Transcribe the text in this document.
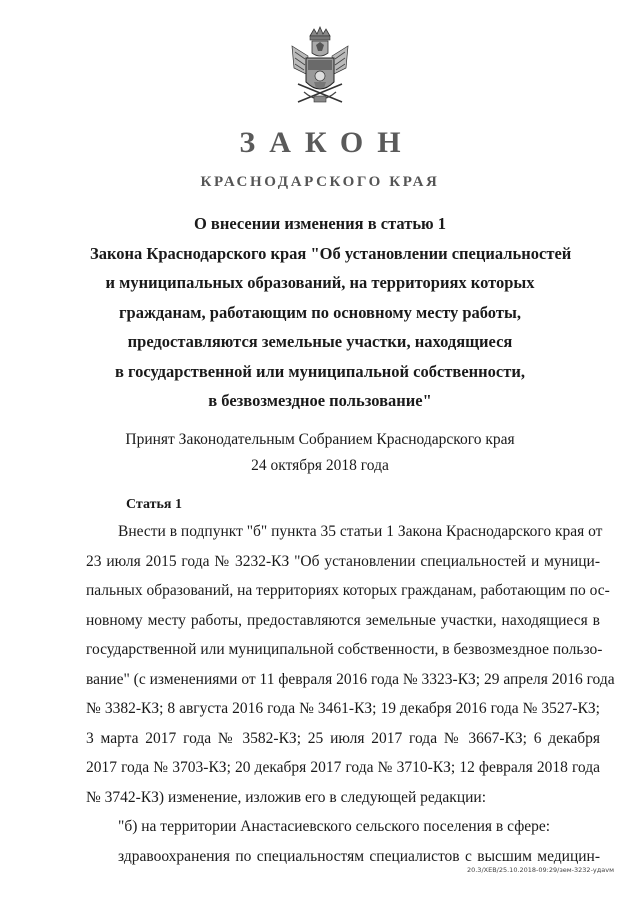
ЗАКОН
КРАСНОДАРСКОГО КРАЯ
О внесении изменения в статью 1
Закона Краснодарского края "Об установлении специальностей
и муниципальных образований, на территориях которых
гражданам, работающим по основному месту работы,
предоставляются земельные участки, находящиеся
в государственной или муниципальной собственности,
в безвозмездное пользование"
Принят Законодательным Собранием Краснодарского края
24 октября 2018 года
Статья 1
Внести в подпункт "б" пункта 35 статьи 1 Закона Краснодарского края от
23 июля 2015 года № 3232-КЗ "Об установлении специальностей и муници-
пальных образований, на территориях которых гражданам, работающим по ос-
новному месту работы, предоставляются земельные участки, находящиеся в
государственной или муниципальной собственности, в безвозмездное пользо-
вание" (с изменениями от 11 февраля 2016 года № 3323-КЗ; 29 апреля 2016 года
№ 3382-КЗ; 8 августа 2016 года № 3461-КЗ; 19 декабря 2016 года № 3527-КЗ;
3 марта 2017 года № 3582-КЗ; 25 июля 2017 года № 3667-КЗ; 6 декабря
2017 года № 3703-КЗ; 20 декабря 2017 года № 3710-КЗ; 12 февраля 2018 года
№ 3742-КЗ) изменение, изложив его в следующей редакции:
"б) на территории Анастасиевского сельского поселения в сфере:
здравоохранения по специальностям специалистов с высшим медицин-
20.3/XEB/25.10.2018-09:29/зем-3232-удаvм
